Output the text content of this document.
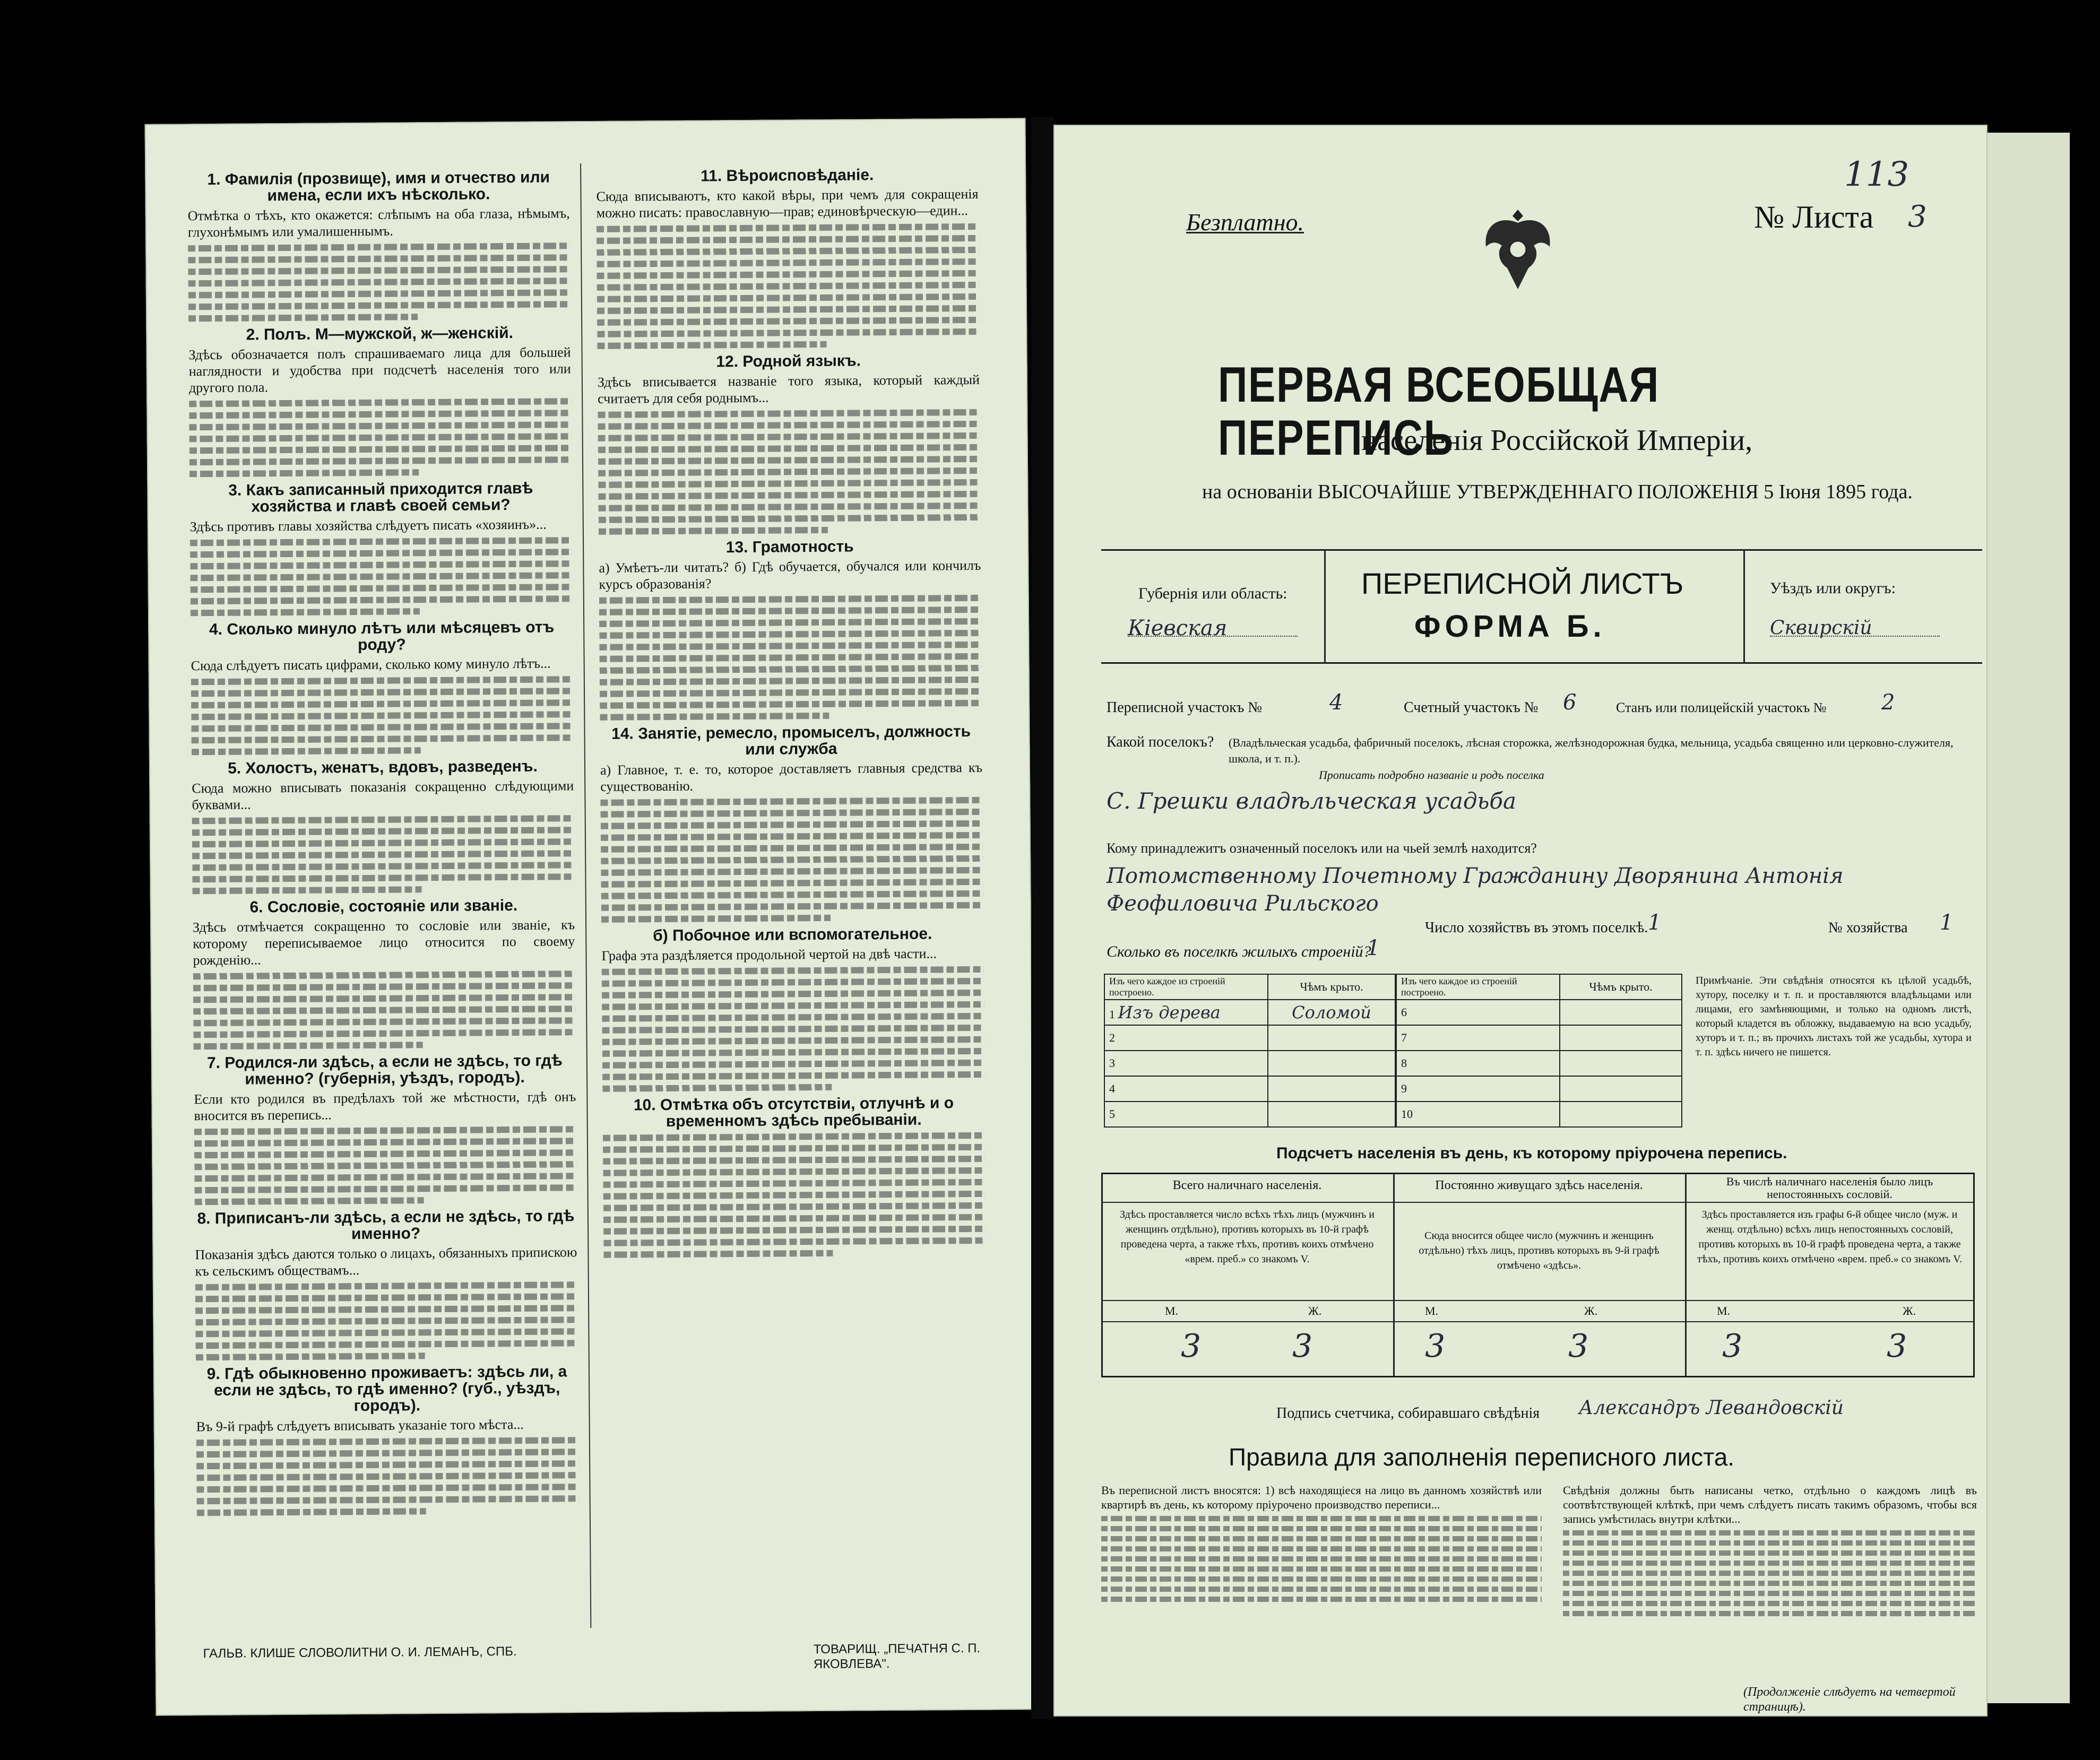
1. Фамилія (прозвище), имя и отчество или имена, если ихъ нѣсколько.

Отмѣтка о тѣхъ, кто окажется: слѣпымъ на оба глаза, нѣмымъ, глухонѣмымъ или умалишеннымъ.

2. Полъ. М—мужской, ж—женскій.

Здѣсь обозначается полъ спрашиваемаго лица для большей наглядности и удобства при подсчетѣ населенія того или другого пола.

3. Какъ записанный приходится главѣ хозяйства и главѣ своей семьи?

Здѣсь противъ главы хозяйства слѣдуетъ писать «хозяинъ»...

4. Сколько минуло лѣтъ или мѣсяцевъ отъ роду?

Сюда слѣдуетъ писать цифрами, сколько кому минуло лѣтъ...

5. Холостъ, женатъ, вдовъ, разведенъ.

Сюда можно вписывать показанія сокращенно слѣдующими буквами...

6. Сословіе, состояніе или званіе.

Здѣсь отмѣчается сокращенно то сословіе или званіе, къ которому переписываемое лицо относится по своему рожденію...

7. Родился-ли здѣсь, а если не здѣсь, то гдѣ именно? (губернія, уѣздъ, городъ).

Если кто родился въ предѣлахъ той же мѣстности, гдѣ онъ вносится въ перепись...

8. Приписанъ-ли здѣсь, а если не здѣсь, то гдѣ именно?

Показанія здѣсь даются только о лицахъ, обязанныхъ припискою къ сельскимъ обществамъ...

9. Гдѣ обыкновенно проживаетъ: здѣсь ли, а если не здѣсь, то гдѣ именно? (губ., уѣздъ, городъ).

Въ 9-й графѣ слѣдуетъ вписывать указаніе того мѣста...

11. Вѣроисповѣданіе.

Сюда вписываютъ, кто какой вѣры, при чемъ для сокращенія можно писать: православную—прав; единовѣрческую—един...

12. Родной языкъ.

Здѣсь вписывается названіе того языка, который каждый считаетъ для себя роднымъ...

13. Грамотность

а) Умѣетъ-ли читать? б) Гдѣ обучается, обучался или кончилъ курсъ образованія?

14. Занятіе, ремесло, промыселъ, должность или служба

а) Главное, т. е. то, которое доставляетъ главныя средства къ существованію.

б) Побочное или вспомогательное.

Графа эта раздѣляется продольной чертой на двѣ части...

10. Отмѣтка объ отсутствіи, отлучнѣ и о временномъ здѣсь пребываніи.
ГАЛЬВ. КЛИШЕ СЛОВОЛИТНИ О. И. ЛЕМАНЪ, СПБ.	ТОВАРИЩ. „ПЕЧАТНЯ С. П. ЯКОВЛЕВА".
Безплатно.	№ Листа 3
113
ПЕРВАЯ ВСЕОБЩАЯ ПЕРЕПИСЬ
населенія Россійской Имперіи,
на основаніи ВЫСОЧАЙШЕ УТВЕРЖДЕННАГО ПОЛОЖЕНІЯ 5 Іюня 1895 года.
Губернія или область:
Кіевская
ПЕРЕПИСНОЙ ЛИСТЪ
ФОРМА Б.
Уѣздъ или округъ:
Сквирскій
Переписной участокъ №	4	Счетный участокъ № 6	Станъ или полицейскій участокъ №	2
Какой поселокъ? (Владѣльческая усадьба, фабричный поселокъ, лѣсная сторожка, желѣзнодорожная будка, мельница, усадьба священно или церковно-служителя, школа, и т. п.).
Прописать подробно названіе и родъ поселка
С. Грешки владѣльческая усадьба
Кому принадлежитъ означенный поселокъ или на чьей землѣ находится?
Потомственному Почетному Гражданину Дворянина Антонія Феофиловича Рильского
Число хозяйствъ въ этомъ поселкѣ. 1	№ хозяйства 1
Сколько въ поселкѣ жилыхъ строеній?
1
Изъ чего каждое из строеній построено.	Чѣмъ крыто.
1 Изъ дерева	Соломой
2	
3	
4	
5	
Изъ чего каждое из строеній построено.	Чѣмъ крыто.
6	
7	
8	
9	
10	
Примѣчаніе. Эти свѣдѣнія относятся къ цѣлой усадьбѣ, хутору, поселку и т. п. и проставляются владѣльцами или лицами, его замѣняющими, и только на одномъ листѣ, который кладется въ обложку, выдаваемую на всю усадьбу, хуторъ и т. п.; въ прочихъ листахъ той же усадьбы, хутора и т. п. здѣсь ничего не пишется.
Подсчетъ населенія въ день, къ которому пріурочена перепись.
Всего наличнаго населенія.	Постоянно живущаго здѣсь населенія.	Въ числѣ наличнаго населенія было лицъ непостоянныхъ сословій.
Здѣсь проставляется число всѣхъ тѣхъ лицъ (мужчинъ и женщинъ отдѣльно), противъ которыхъ въ 10-й графѣ проведена черта, а также тѣхъ, противъ коихъ отмѣчено «врем. преб.» со знакомъ V.
Сюда вносится общее число (мужчинъ и женщинъ отдѣльно) тѣхъ лицъ, противъ которыхъ въ 9-й графѣ отмѣчено «здѣсь».
Здѣсь проставляется изъ графы 6-й общее число (муж. и женщ. отдѣльно) всѣхъ лицъ непостоянныхъ сословій, противъ которыхъ въ 10-й графѣ проведена черта, а также тѣхъ, противъ коихъ отмѣчено «врем. преб.» со знакомъ V.
М.	Ж.	М.	Ж.	М.	Ж.
3	3	3	3	3	3
Подпись счетчика, собиравшаго свѣдѣнія Александръ Левандовскій
Правила для заполненія переписного листа.

Въ переписной листъ вносятся: 1) всѣ находящіеся на лицо въ данномъ хозяйствѣ или квартирѣ въ день, къ которому пріурочено производство переписи...

Свѣдѣнія должны быть написаны четко, отдѣльно о каждомъ лицѣ въ соотвѣтствующей клѣткѣ, при чемъ слѣдуетъ писать такимъ образомъ, чтобы вся запись умѣстилась внутри клѣтки...

(Продолженіе слѣдуетъ на четвертой страницѣ).
